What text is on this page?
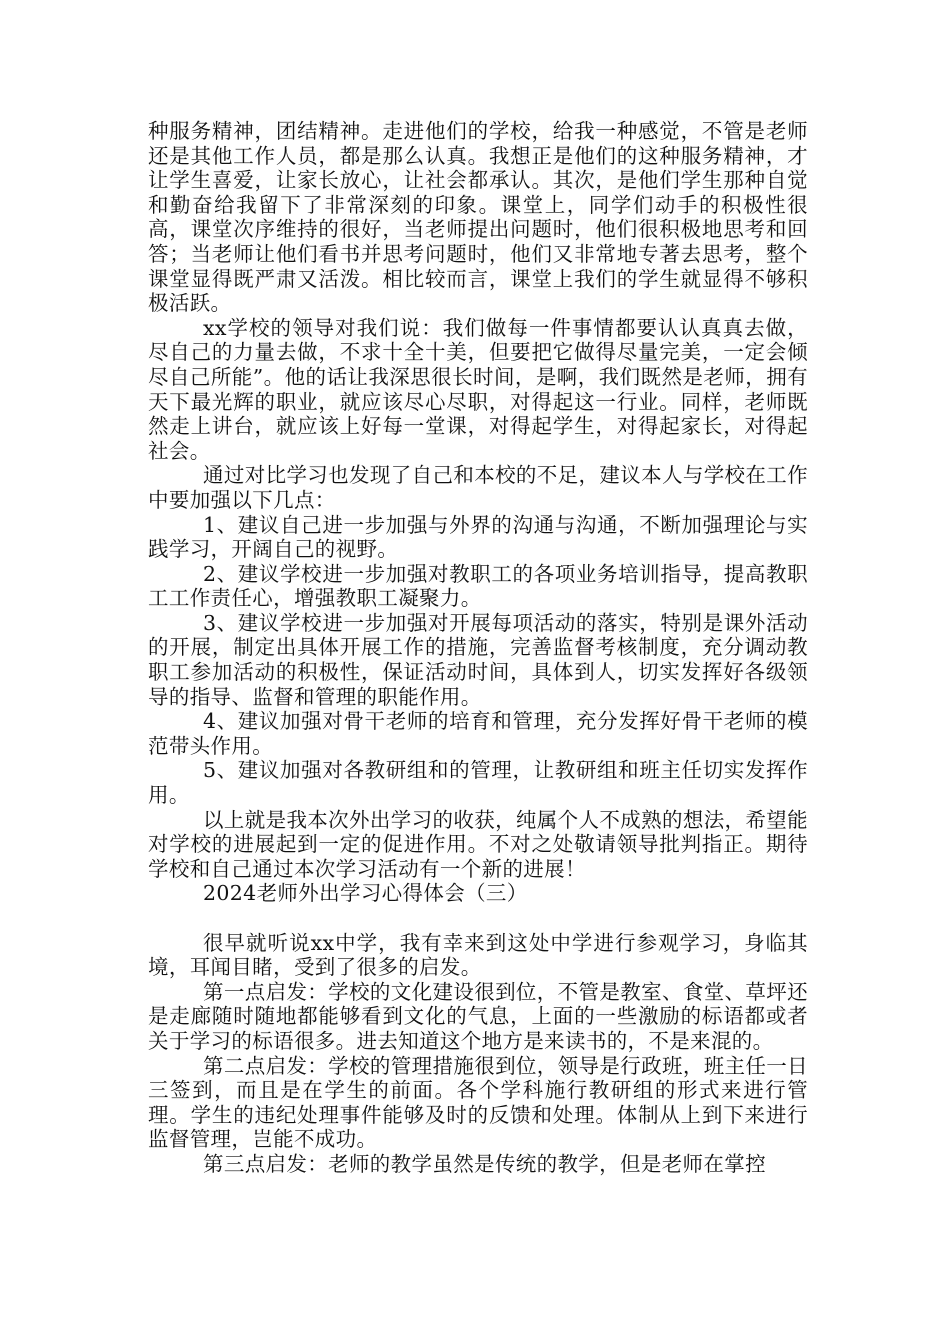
种服务精神，团结精神。走进他们的学校，给我一种感觉，不管是老师还是其他工作人员，都是那么认真。我想正是他们的这种服务精神，才让学生喜爱，让家长放心，让社会都承认。其次，是他们学生那种自觉和勤奋给我留下了非常深刻的印象。课堂上，同学们动手的积极性很高，课堂次序维持的很好，当老师提出问题时，他们很积极地思考和回答；当老师让他们看书并思考问题时，他们又非常地专著去思考，整个课堂显得既严肃又活泼。相比较而言，课堂上我们的学生就显得不够积极活跃。

xx学校的领导对我们说：我们做每一件事情都要认认真真去做，尽自己的力量去做，不求十全十美，但要把它做得尽量完美，一定会倾尽自己所能”。他的话让我深思很长时间，是啊，我们既然是老师，拥有天下最光辉的职业，就应该尽心尽职，对得起这一行业。同样，老师既然走上讲台，就应该上好每一堂课，对得起学生，对得起家长，对得起社会。

通过对比学习也发现了自己和本校的不足，建议本人与学校在工作中要加强以下几点：

1、建议自己进一步加强与外界的沟通与沟通，不断加强理论与实践学习，开阔自己的视野。

2、建议学校进一步加强对教职工的各项业务培训指导，提高教职工工作责任心，增强教职工凝聚力。

3、建议学校进一步加强对开展每项活动的落实，特别是课外活动的开展，制定出具体开展工作的措施，完善监督考核制度，充分调动教职工参加活动的积极性，保证活动时间，具体到人，切实发挥好各级领导的指导、监督和管理的职能作用。

4、建议加强对骨干老师的培育和管理，充分发挥好骨干老师的模范带头作用。

5、建议加强对各教研组和的管理，让教研组和班主任切实发挥作用。

以上就是我本次外出学习的收获，纯属个人不成熟的想法，希望能对学校的进展起到一定的促进作用。不对之处敬请领导批判指正。期待学校和自己通过本次学习活动有一个新的进展！

2024老师外出学习心得体会（三）

很早就听说xx中学，我有幸来到这处中学进行参观学习，身临其境，耳闻目睹，受到了很多的启发。

第一点启发：学校的文化建设很到位，不管是教室、食堂、草坪还是走廊随时随地都能够看到文化的气息，上面的一些激励的标语都或者关于学习的标语很多。进去知道这个地方是来读书的，不是来混的。

第二点启发：学校的管理措施很到位，领导是行政班，班主任一日三签到，而且是在学生的前面。各个学科施行教研组的形式来进行管理。学生的违纪处理事件能够及时的反馈和处理。体制从上到下来进行监督管理，岂能不成功。

第三点启发：老师的教学虽然是传统的教学，但是老师在掌控
